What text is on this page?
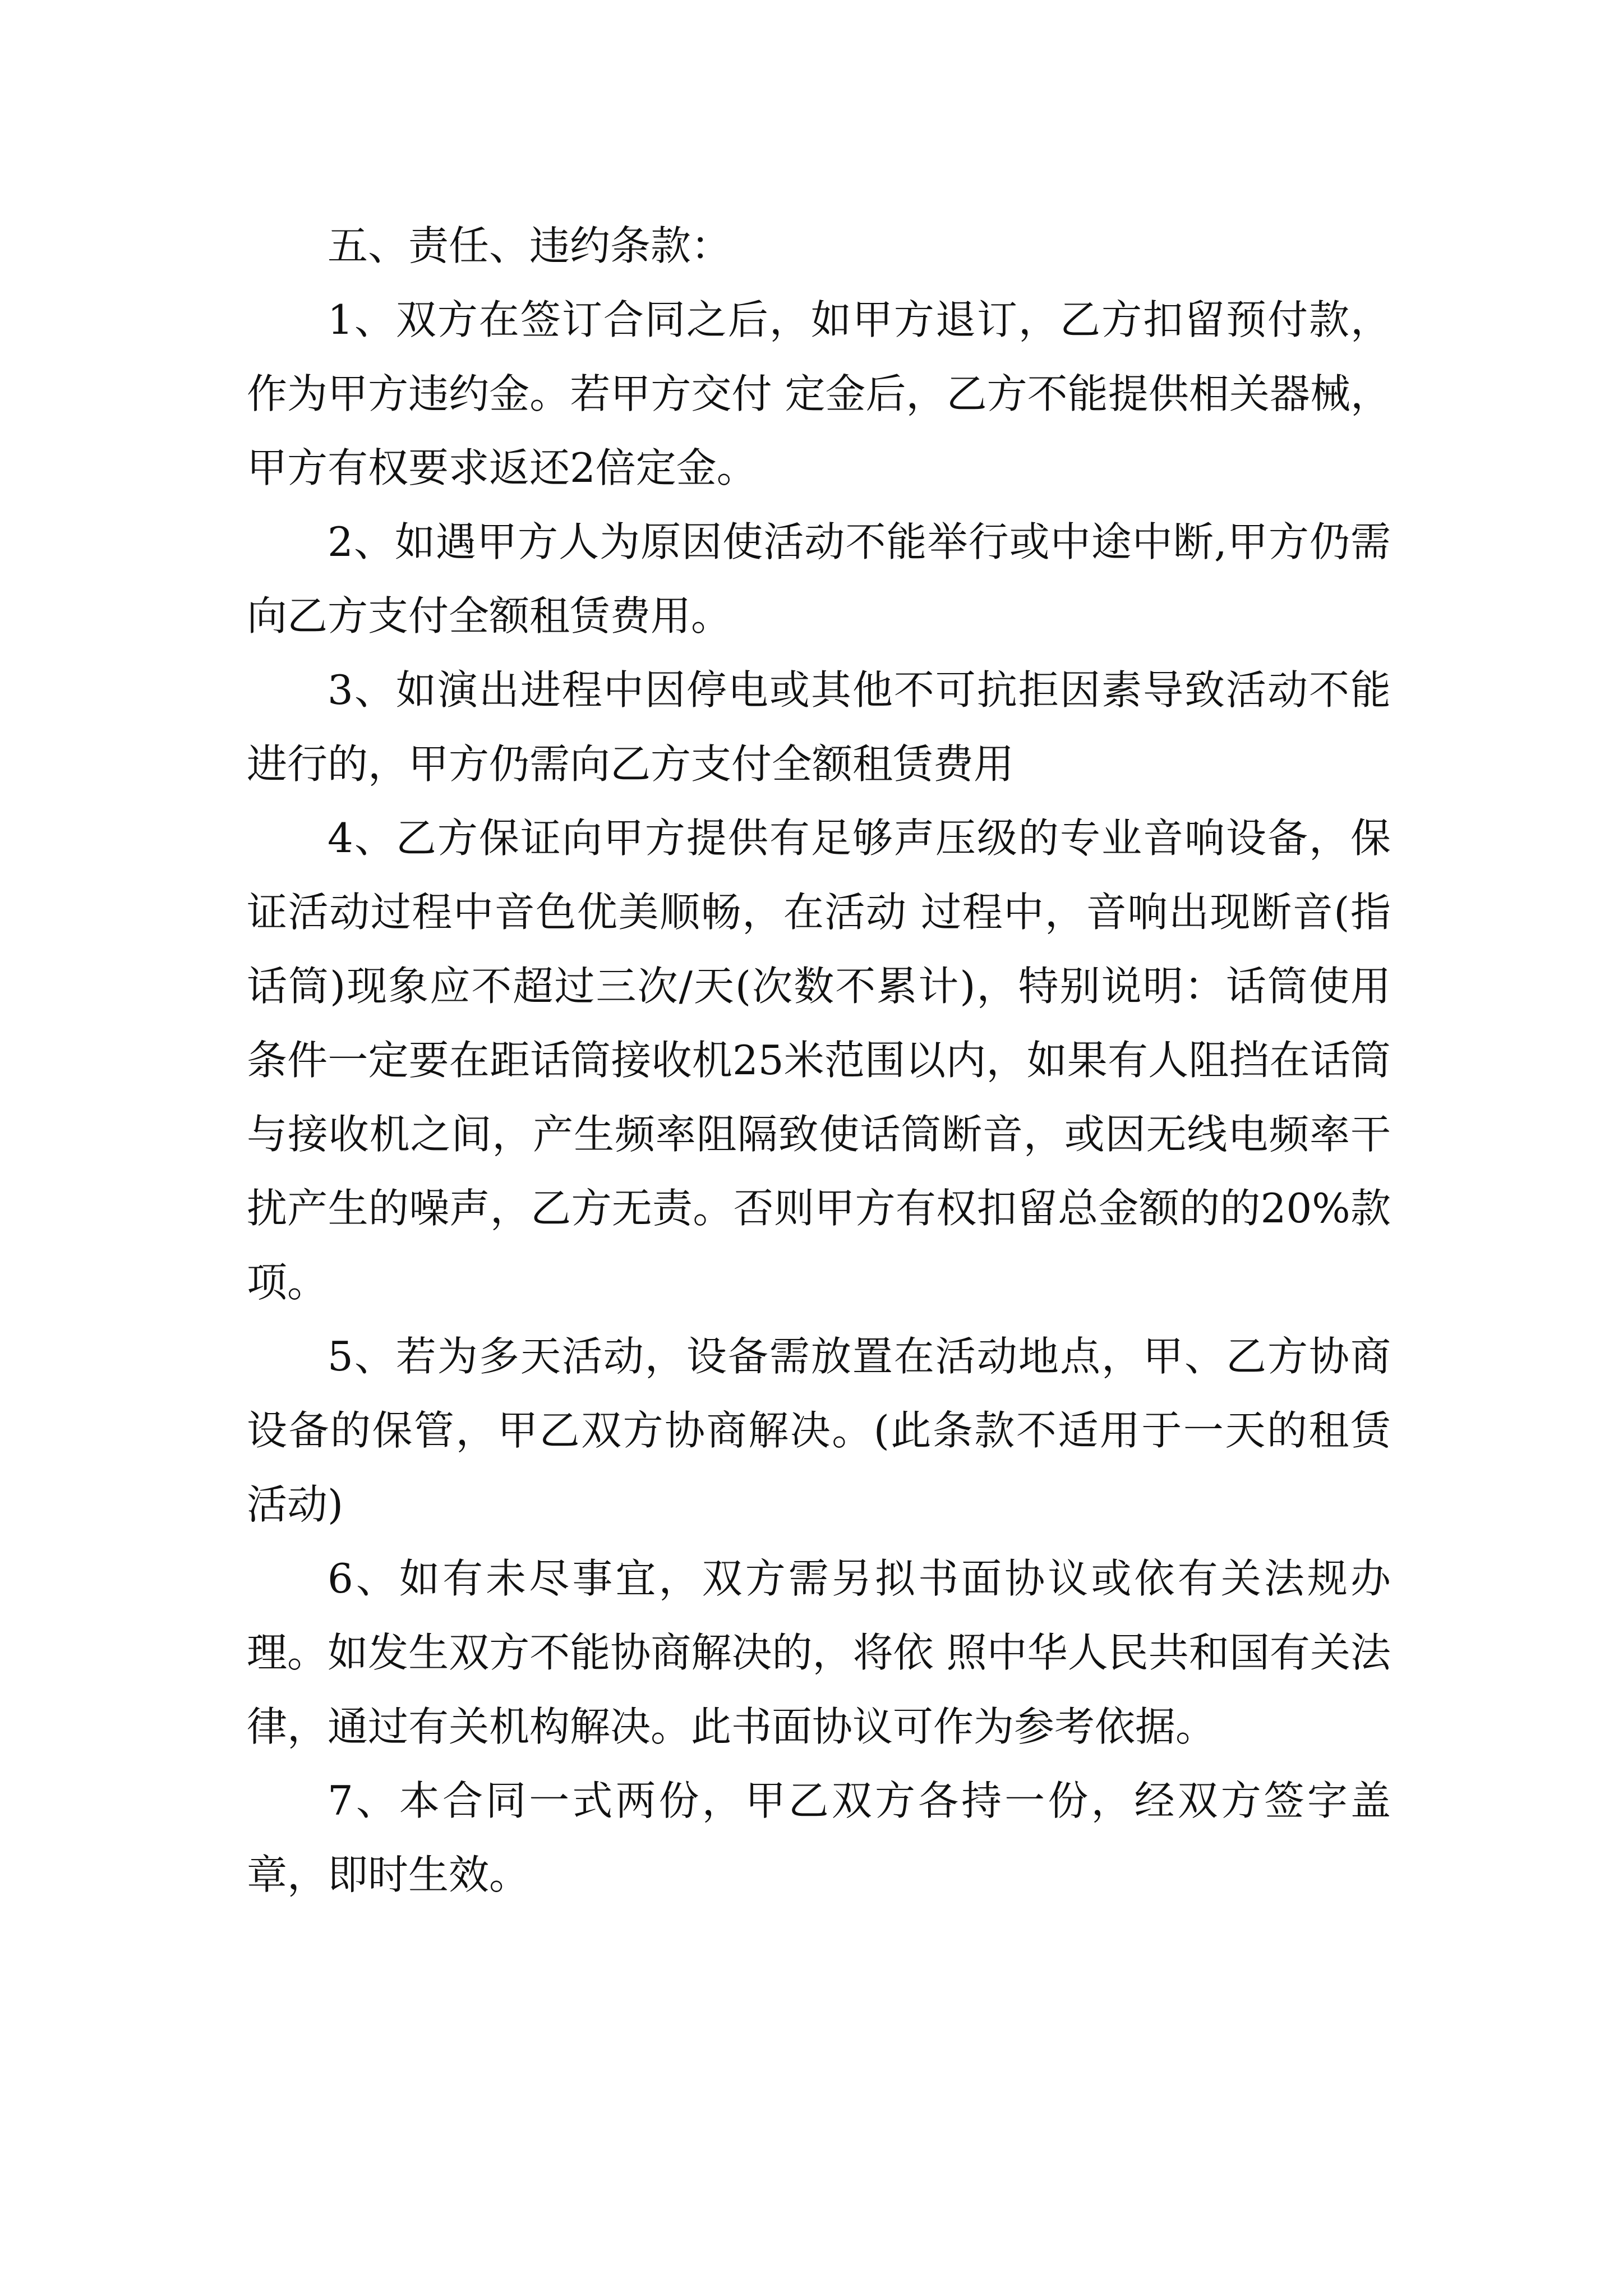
五、责任、违约条款：

1、双方在签订合同之后，如甲方退订，乙方扣留预付款，作为甲方违约金。若甲方交付 定金后，乙方不能提供相关器械，甲方有权要求返还2倍定金。

2、如遇甲方人为原因使活动不能举行或中途中断,甲方仍需向乙方支付全额租赁费用。

3、如演出进程中因停电或其他不可抗拒因素导致活动不能进行的，甲方仍需向乙方支付全额租赁费用

4、乙方保证向甲方提供有足够声压级的专业音响设备，保证活动过程中音色优美顺畅，在活动 过程中，音响出现断音(指话筒)现象应不超过三次/天(次数不累计)，特别说明：话筒使用条件一定要在距话筒接收机25米范围以内，如果有人阻挡在话筒与接收机之间，产生频率阻隔致使话筒断音，或因无线电频率干扰产生的噪声，乙方无责。否则甲方有权扣留总金额的的20%款项。

5、若为多天活动，设备需放置在活动地点，甲、乙方协商设备的保管，甲乙双方协商解决。(此条款不适用于一天的租赁活动)

6、如有未尽事宜，双方需另拟书面协议或依有关法规办理。如发生双方不能协商解决的，将依 照中华人民共和国有关法律，通过有关机构解决。此书面协议可作为参考依据。

7、本合同一式两份，甲乙双方各持一份，经双方签字盖章，即时生效。
